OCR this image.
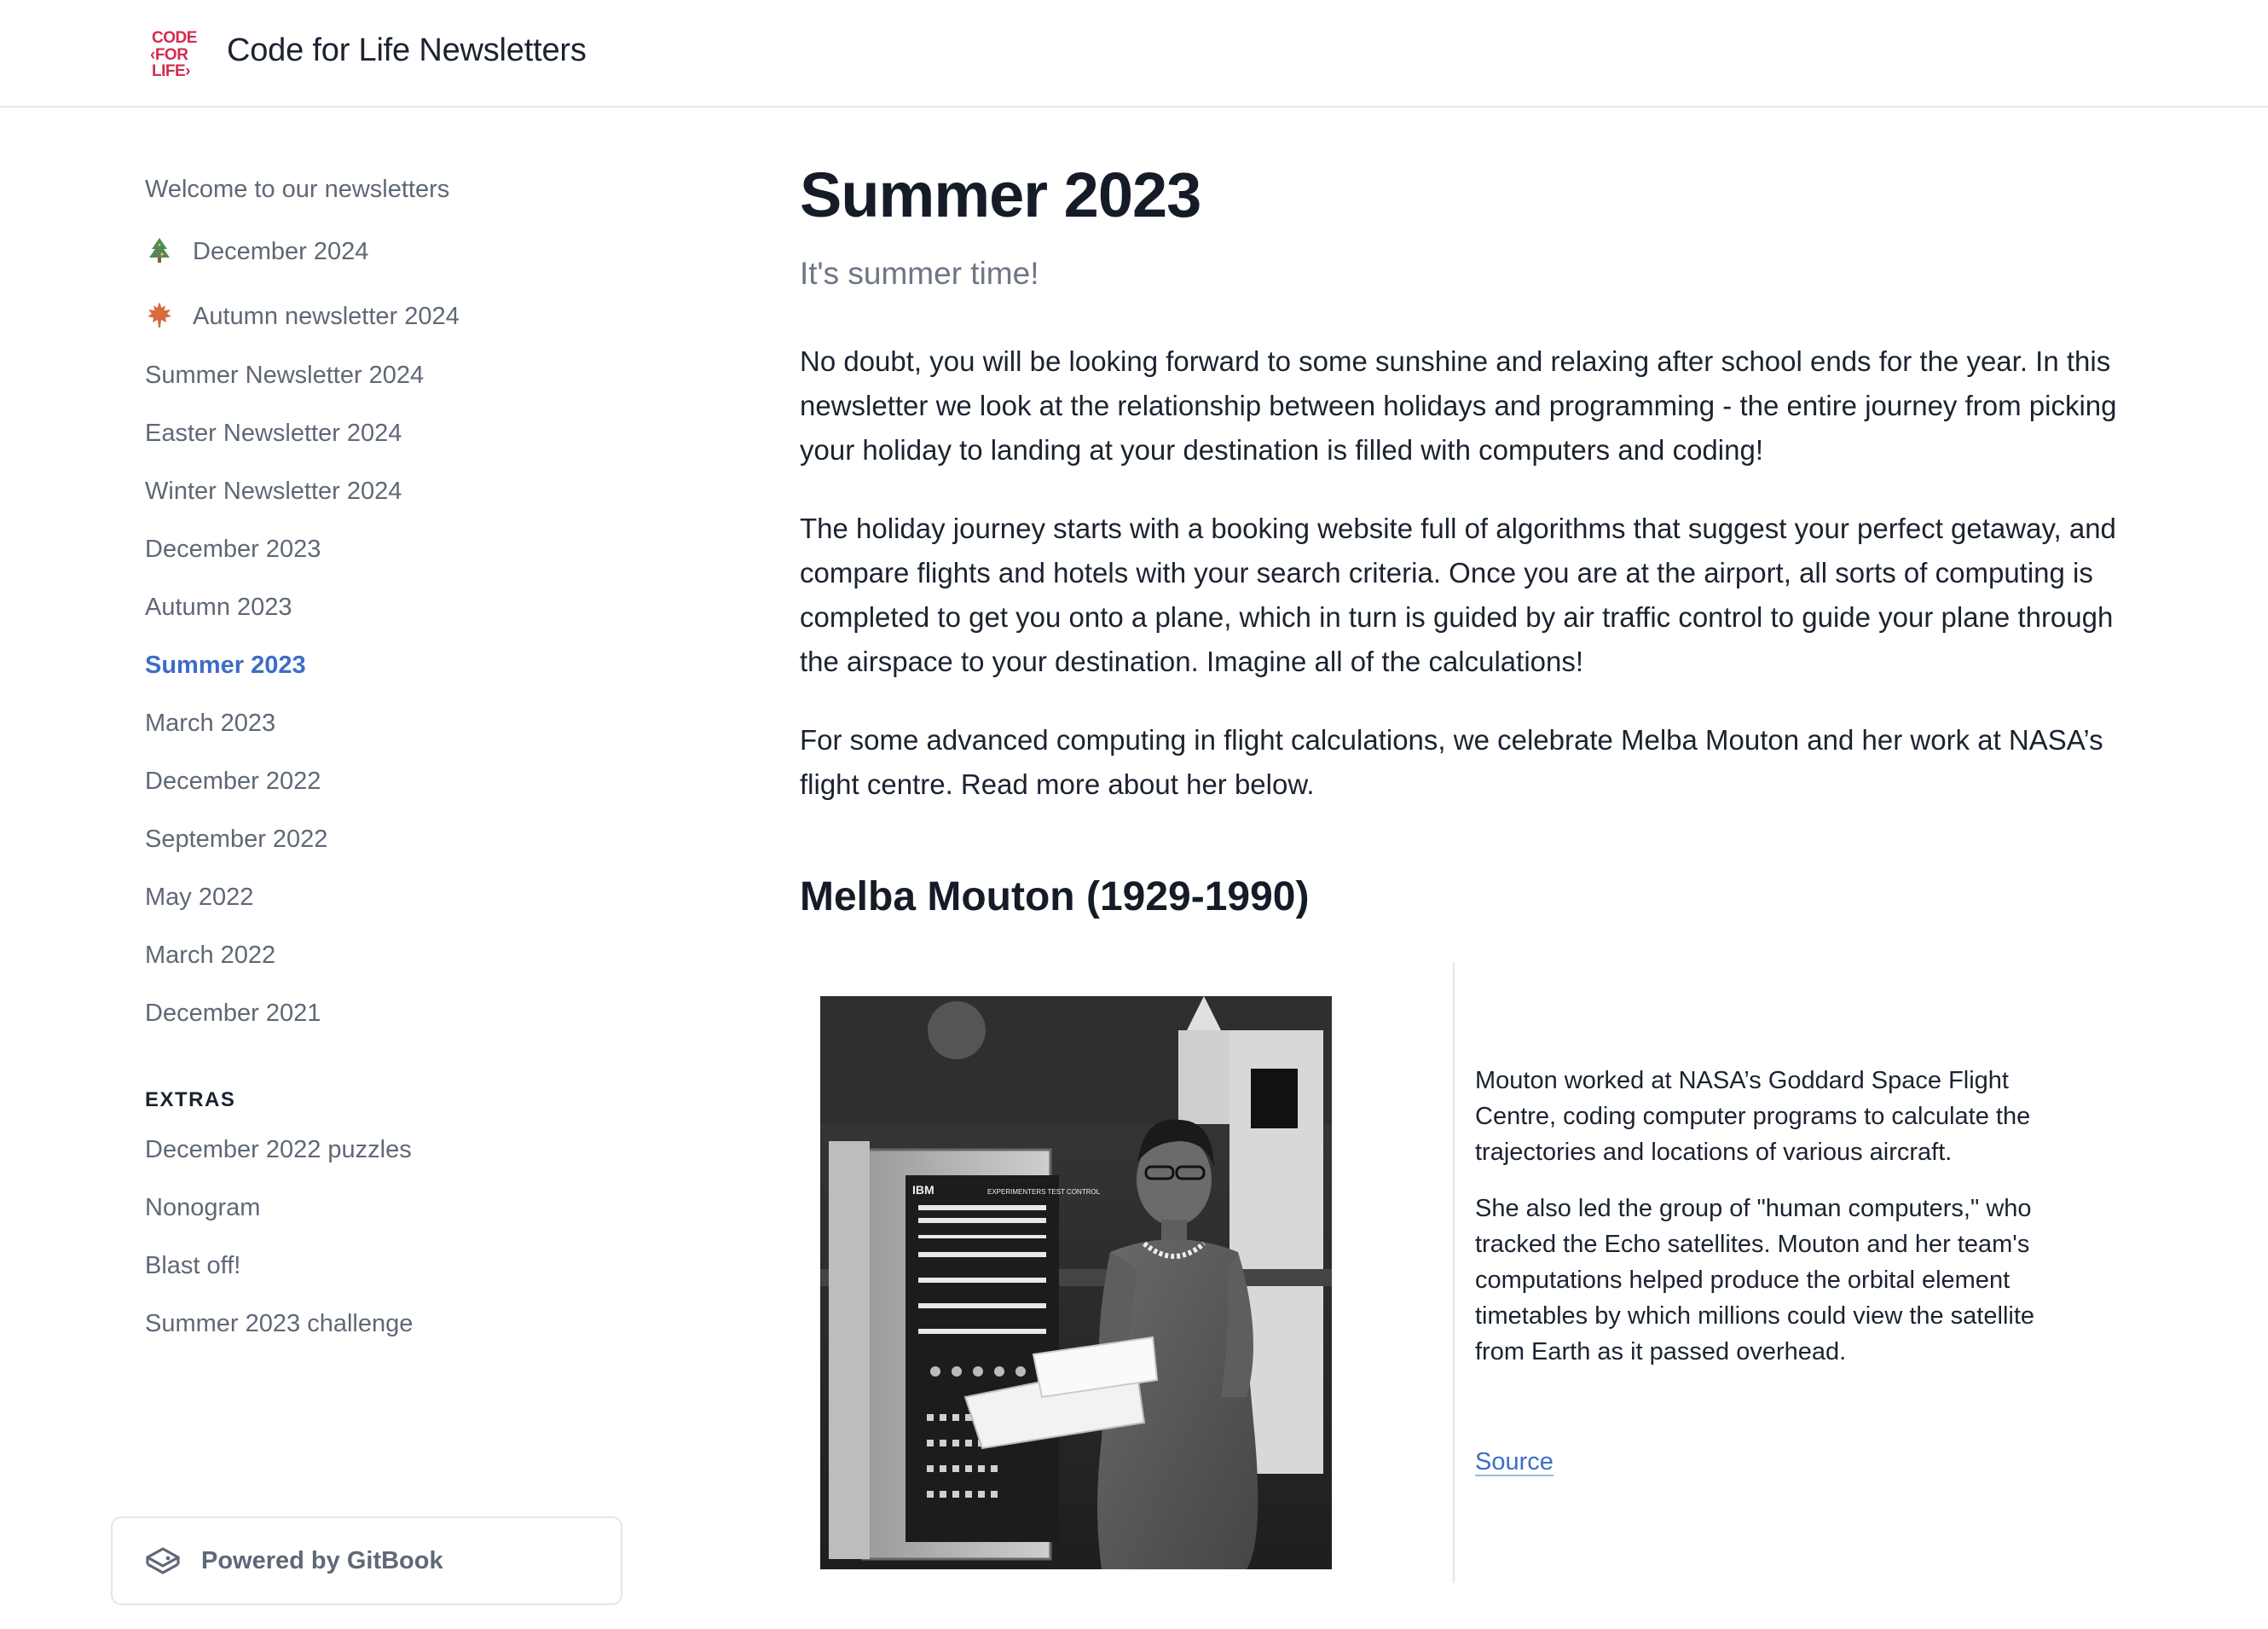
CODE
‹FOR
LIFE›
Code for Life Newsletters
Welcome to our newsletters
December 2024
Autumn newsletter 2024
Summer Newsletter 2024
Easter Newsletter 2024
Winter Newsletter 2024
December 2023
Autumn 2023
Summer 2023
March 2023
December 2022
September 2022
May 2022
March 2022
December 2021
EXTRAS
December 2022 puzzles
Nonogram
Blast off!
Summer 2023 challenge
Powered by GitBook
Summer 2023
It's summer time!

No doubt, you will be looking forward to some sunshine and relaxing after school ends for the year. In this newsletter we look at the relationship between holidays and programming - the entire journey from picking your holiday to landing at your destination is filled with computers and coding!

The holiday journey starts with a booking website full of algorithms that suggest your perfect getaway, and compare flights and hotels with your search criteria. Once you are at the airport, all sorts of computing is completed to get you onto a plane, which in turn is guided by air traffic control to guide your plane through the airspace to your destination. Imagine all of the calculations!

For some advanced computing in flight calculations, we celebrate Melba Mouton and her work at NASA’s flight centre. Read more about her below.

Melba Mouton (1929-1990)
IBM	EXPERIMENTERS TEST CONTROL

Mouton worked at NASA’s Goddard Space Flight Centre, coding computer programs to calculate the trajectories and locations of various aircraft.

She also led the group of "human computers," who tracked the Echo satellites. Mouton and her team's computations helped produce the orbital element timetables by which millions could view the satellite from Earth as it passed overhead.

Source
